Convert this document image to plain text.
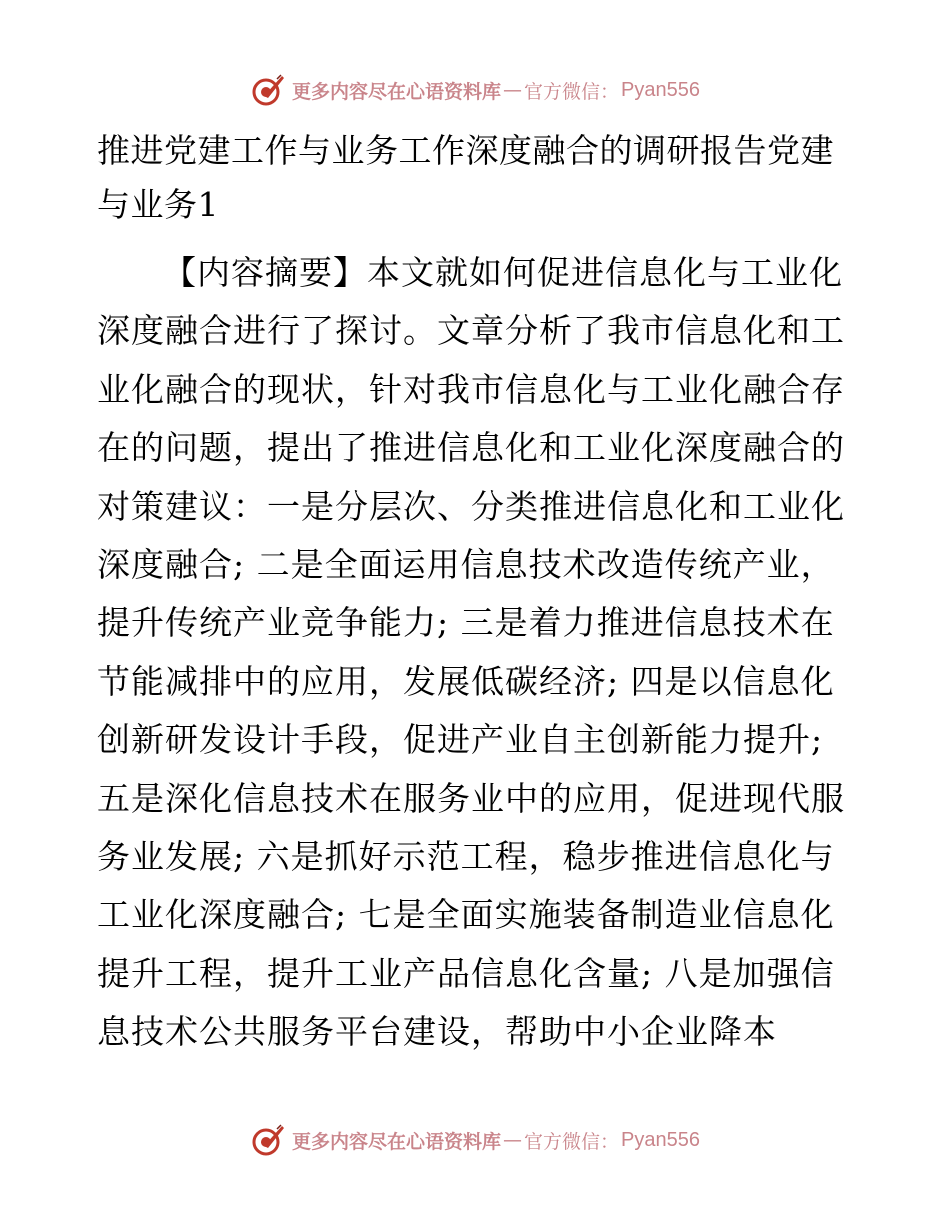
更多内容尽在心语资料库 — 官方微信： Pyan556
推进党建工作与业务工作深度融合的调研报告党建与业务1

【内容摘要】本文就如何促进信息化与工业化深度融合进行了探讨。文章分析了我市信息化和工业化融合的现状，针对我市信息化与工业化融合存在的问题，提出了推进信息化和工业化深度融合的对策建议：一是分层次、分类推进信息化和工业化深度融合; 二是全面运用信息技术改造传统产业，提升传统产业竞争能力; 三是着力推进信息技术在节能减排中的应用，发展低碳经济; 四是以信息化创新研发设计手段，促进产业自主创新能力提升; 五是深化信息技术在服务业中的应用，促进现代服务业发展; 六是抓好示范工程，稳步推进信息化与工业化深度融合; 七是全面实施装备制造业信息化提升工程，提升工业产品信息化含量; 八是加强信息技术公共服务平台建设，帮助中小企业降本

更多内容尽在心语资料库 — 官方微信： Pyan556
